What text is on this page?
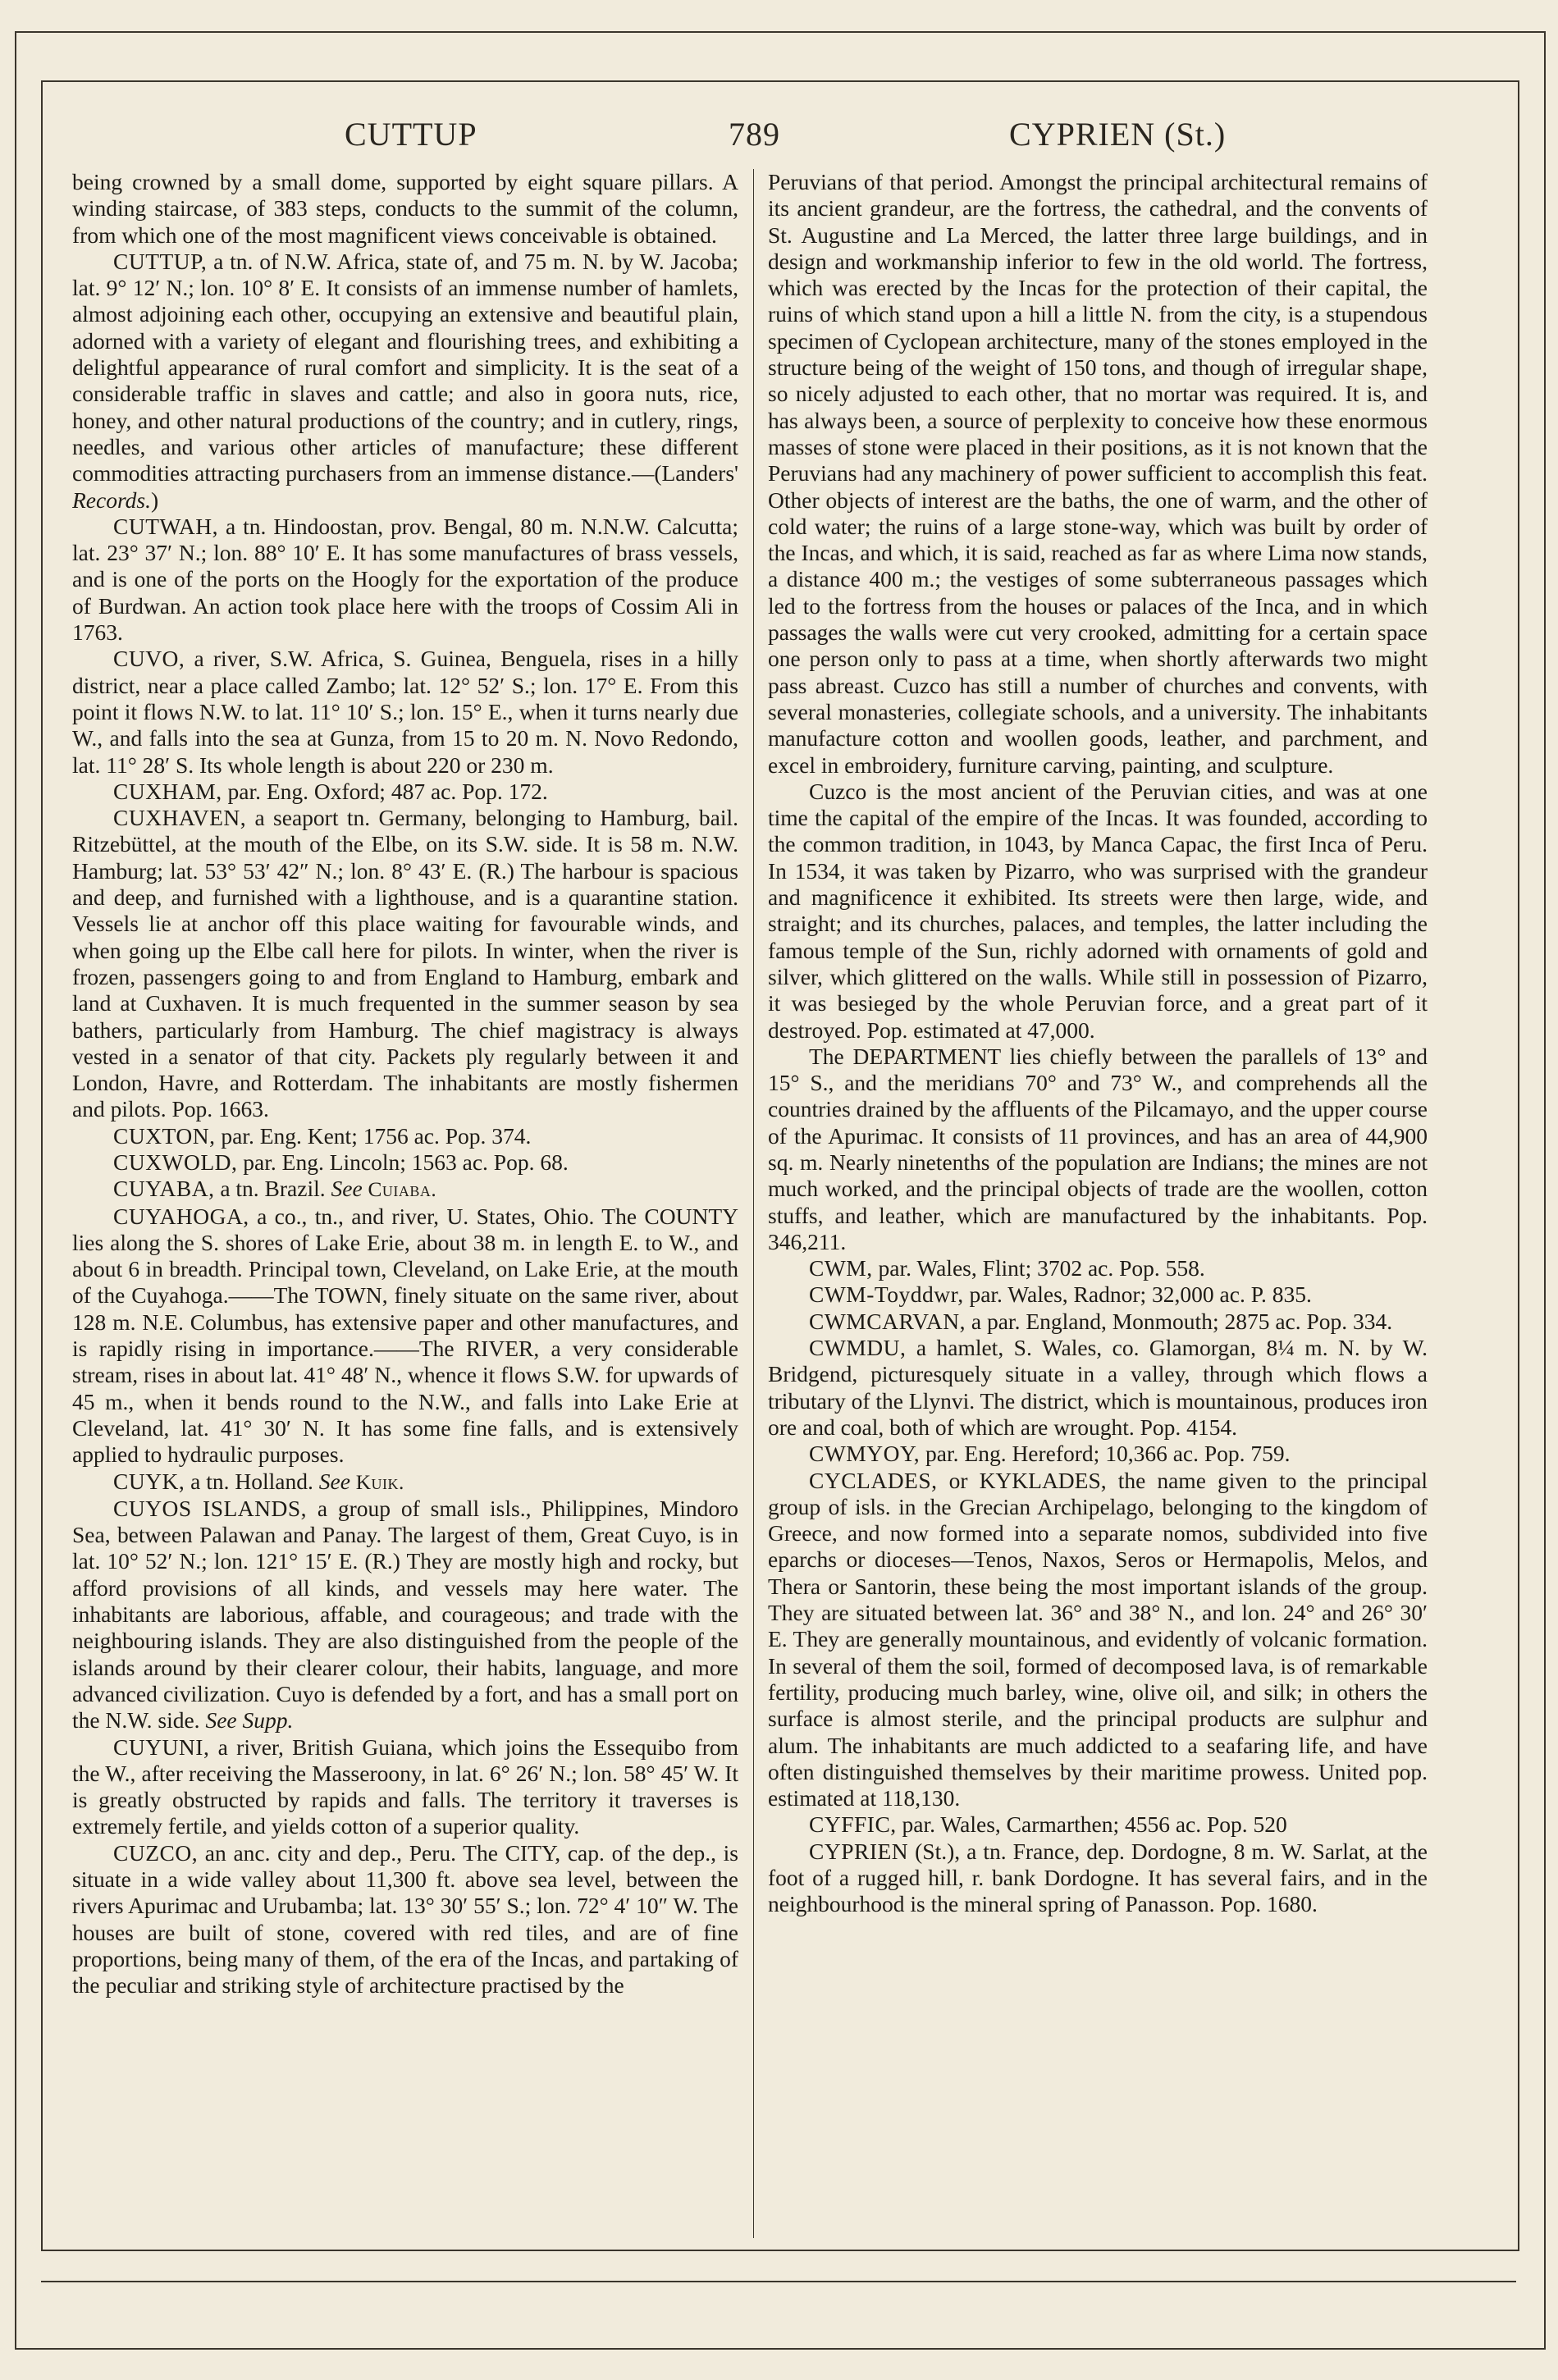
CUTTUP	789	CYPRIEN (St.)

being crowned by a small dome, supported by eight square pillars. A winding staircase, of 383 steps, conducts to the summit of the column, from which one of the most magnificent views conceivable is obtained.

CUTTUP, a tn. of N.W. Africa, state of, and 75 m. N. by W. Jacoba; lat. 9° 12′ N.; lon. 10° 8′ E. It consists of an immense number of hamlets, almost adjoining each other, occupying an extensive and beautiful plain, adorned with a variety of elegant and flourishing trees, and exhibiting a delightful appearance of rural comfort and simplicity. It is the seat of a considerable traffic in slaves and cattle; and also in goora nuts, rice, honey, and other natural productions of the country; and in cutlery, rings, needles, and various other articles of manufacture; these different commodities attracting purchasers from an immense distance.—(Landers' Records.)

CUTWAH, a tn. Hindoostan, prov. Bengal, 80 m. N.N.W. Calcutta; lat. 23° 37′ N.; lon. 88° 10′ E. It has some manufactures of brass vessels, and is one of the ports on the Hoogly for the exportation of the produce of Burdwan. An action took place here with the troops of Cossim Ali in 1763.

CUVO, a river, S.W. Africa, S. Guinea, Benguela, rises in a hilly district, near a place called Zambo; lat. 12° 52′ S.; lon. 17° E. From this point it flows N.W. to lat. 11° 10′ S.; lon. 15° E., when it turns nearly due W., and falls into the sea at Gunza, from 15 to 20 m. N. Novo Redondo, lat. 11° 28′ S. Its whole length is about 220 or 230 m.

CUXHAM, par. Eng. Oxford; 487 ac. Pop. 172.

CUXHAVEN, a seaport tn. Germany, belonging to Hamburg, bail. Ritzebüttel, at the mouth of the Elbe, on its S.W. side. It is 58 m. N.W. Hamburg; lat. 53° 53′ 42″ N.; lon. 8° 43′ E. (R.) The harbour is spacious and deep, and furnished with a lighthouse, and is a quarantine station. Vessels lie at anchor off this place waiting for favourable winds, and when going up the Elbe call here for pilots. In winter, when the river is frozen, passengers going to and from England to Hamburg, embark and land at Cuxhaven. It is much frequented in the summer season by sea bathers, particularly from Hamburg. The chief magistracy is always vested in a senator of that city. Packets ply regularly between it and London, Havre, and Rotterdam. The inhabitants are mostly fishermen and pilots. Pop. 1663.

CUXTON, par. Eng. Kent; 1756 ac. Pop. 374.

CUXWOLD, par. Eng. Lincoln; 1563 ac. Pop. 68.

CUYABA, a tn. Brazil. See Cuiaba.

CUYAHOGA, a co., tn., and river, U. States, Ohio. The COUNTY lies along the S. shores of Lake Erie, about 38 m. in length E. to W., and about 6 in breadth. Principal town, Cleveland, on Lake Erie, at the mouth of the Cuyahoga.——The TOWN, finely situate on the same river, about 128 m. N.E. Columbus, has extensive paper and other manufactures, and is rapidly rising in importance.——The RIVER, a very considerable stream, rises in about lat. 41° 48′ N., whence it flows S.W. for upwards of 45 m., when it bends round to the N.W., and falls into Lake Erie at Cleveland, lat. 41° 30′ N. It has some fine falls, and is extensively applied to hydraulic purposes.

CUYK, a tn. Holland. See Kuik.

CUYOS ISLANDS, a group of small isls., Philippines, Mindoro Sea, between Palawan and Panay. The largest of them, Great Cuyo, is in lat. 10° 52′ N.; lon. 121° 15′ E. (R.) They are mostly high and rocky, but afford provisions of all kinds, and vessels may here water. The inhabitants are laborious, affable, and courageous; and trade with the neighbouring islands. They are also distinguished from the people of the islands around by their clearer colour, their habits, language, and more advanced civilization. Cuyo is defended by a fort, and has a small port on the N.W. side. See Supp.

CUYUNI, a river, British Guiana, which joins the Essequibo from the W., after receiving the Masseroony, in lat. 6° 26′ N.; lon. 58° 45′ W. It is greatly obstructed by rapids and falls. The territory it traverses is extremely fertile, and yields cotton of a superior quality.

CUZCO, an anc. city and dep., Peru. The CITY, cap. of the dep., is situate in a wide valley about 11,300 ft. above sea level, between the rivers Apurimac and Urubamba; lat. 13° 30′ 55′ S.; lon. 72° 4′ 10″ W. The houses are built of stone, covered with red tiles, and are of fine proportions, being many of them, of the era of the Incas, and partaking of the peculiar and striking style of architecture practised by the

Peruvians of that period. Amongst the principal architectural remains of its ancient grandeur, are the fortress, the cathedral, and the convents of St. Augustine and La Merced, the latter three large buildings, and in design and workmanship inferior to few in the old world. The fortress, which was erected by the Incas for the protection of their capital, the ruins of which stand upon a hill a little N. from the city, is a stupendous specimen of Cyclopean architecture, many of the stones employed in the structure being of the weight of 150 tons, and though of irregular shape, so nicely adjusted to each other, that no mortar was required. It is, and has always been, a source of perplexity to conceive how these enormous masses of stone were placed in their positions, as it is not known that the Peruvians had any machinery of power sufficient to accomplish this feat. Other objects of interest are the baths, the one of warm, and the other of cold water; the ruins of a large stone-way, which was built by order of the Incas, and which, it is said, reached as far as where Lima now stands, a distance 400 m.; the vestiges of some subterraneous passages which led to the fortress from the houses or palaces of the Inca, and in which passages the walls were cut very crooked, admitting for a certain space one person only to pass at a time, when shortly afterwards two might pass abreast. Cuzco has still a number of churches and convents, with several monasteries, collegiate schools, and a university. The inhabitants manufacture cotton and woollen goods, leather, and parchment, and excel in embroidery, furniture carving, painting, and sculpture.

Cuzco is the most ancient of the Peruvian cities, and was at one time the capital of the empire of the Incas. It was founded, according to the common tradition, in 1043, by Manca Capac, the first Inca of Peru. In 1534, it was taken by Pizarro, who was surprised with the grandeur and magnificence it exhibited. Its streets were then large, wide, and straight; and its churches, palaces, and temples, the latter including the famous temple of the Sun, richly adorned with ornaments of gold and silver, which glittered on the walls. While still in possession of Pizarro, it was besieged by the whole Peruvian force, and a great part of it destroyed. Pop. estimated at 47,000.

The DEPARTMENT lies chiefly between the parallels of 13° and 15° S., and the meridians 70° and 73° W., and comprehends all the countries drained by the affluents of the Pilcamayo, and the upper course of the Apurimac. It consists of 11 provinces, and has an area of 44,900 sq. m. Nearly ninetenths of the population are Indians; the mines are not much worked, and the principal objects of trade are the woollen, cotton stuffs, and leather, which are manufactured by the inhabitants. Pop. 346,211.

CWM, par. Wales, Flint; 3702 ac. Pop. 558.

CWM-Toyddwr, par. Wales, Radnor; 32,000 ac. P. 835.

CWMCARVAN, a par. England, Monmouth; 2875 ac. Pop. 334.

CWMDU, a hamlet, S. Wales, co. Glamorgan, 8¼ m. N. by W. Bridgend, picturesquely situate in a valley, through which flows a tributary of the Llynvi. The district, which is mountainous, produces iron ore and coal, both of which are wrought. Pop. 4154.

CWMYOY, par. Eng. Hereford; 10,366 ac. Pop. 759.

CYCLADES, or KYKLADES, the name given to the principal group of isls. in the Grecian Archipelago, belonging to the kingdom of Greece, and now formed into a separate nomos, subdivided into five eparchs or dioceses—Tenos, Naxos, Seros or Hermapolis, Melos, and Thera or Santorin, these being the most important islands of the group. They are situated between lat. 36° and 38° N., and lon. 24° and 26° 30′ E. They are generally mountainous, and evidently of volcanic formation. In several of them the soil, formed of decomposed lava, is of remarkable fertility, producing much barley, wine, olive oil, and silk; in others the surface is almost sterile, and the principal products are sulphur and alum. The inhabitants are much addicted to a seafaring life, and have often distinguished themselves by their maritime prowess. United pop. estimated at 118,130.

CYFFIC, par. Wales, Carmarthen; 4556 ac. Pop. 520

CYPRIEN (St.), a tn. France, dep. Dordogne, 8 m. W. Sarlat, at the foot of a rugged hill, r. bank Dordogne. It has several fairs, and in the neighbourhood is the mineral spring of Panasson. Pop. 1680.
